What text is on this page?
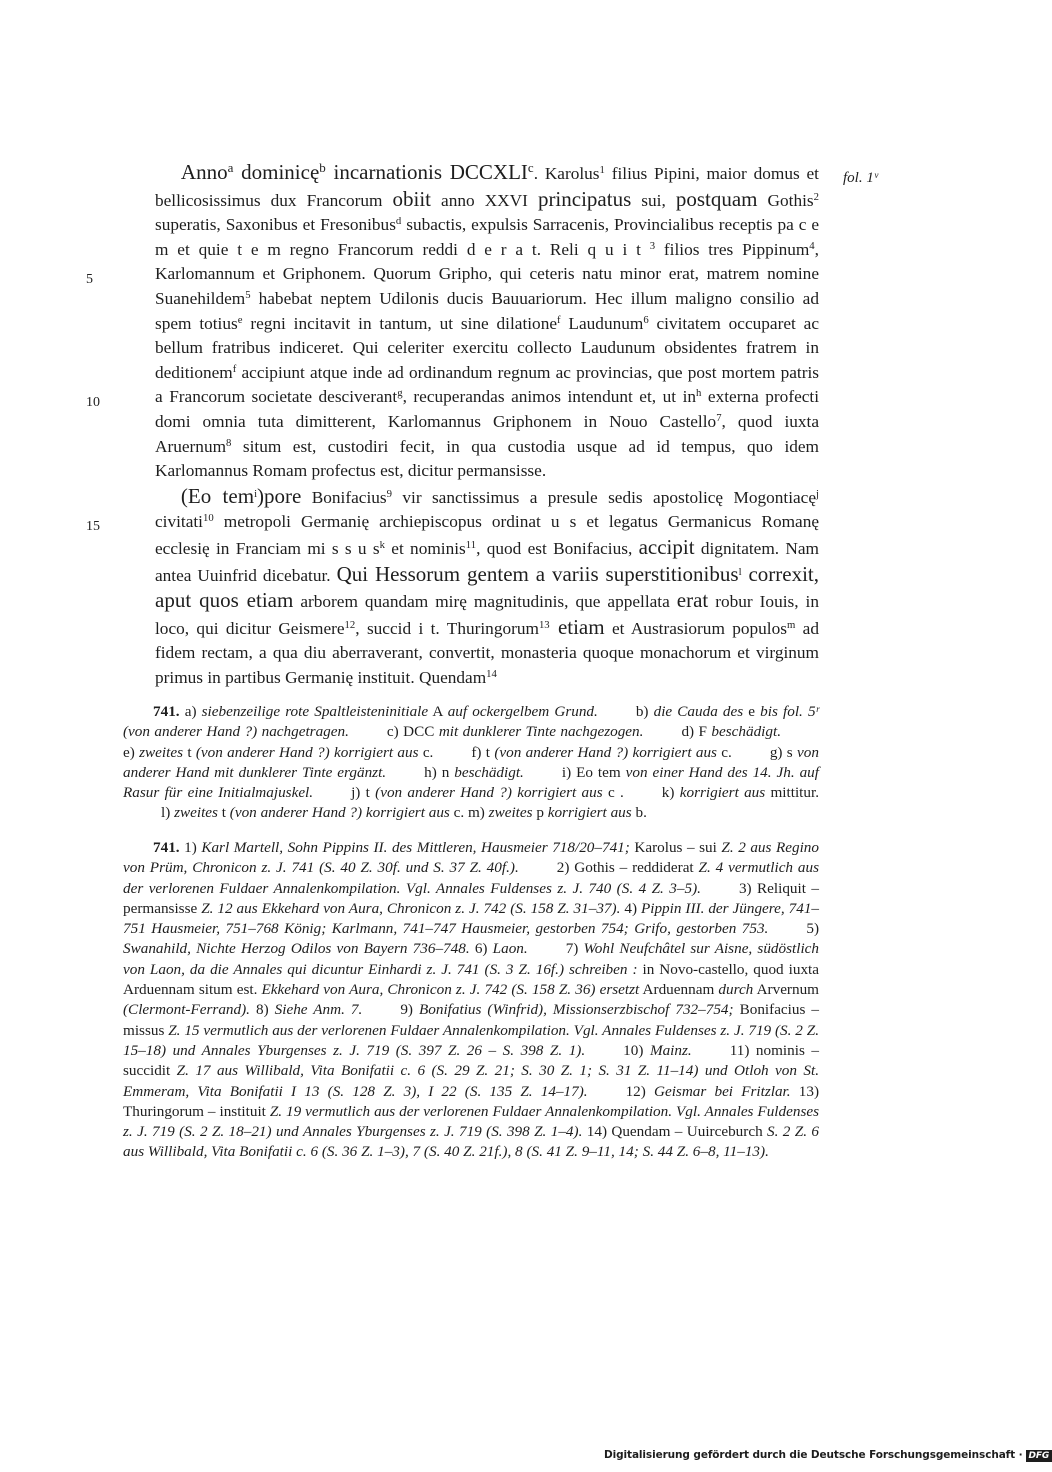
fol. 1ᵛ
5
10
15

  Anno$^a$ dominicę$^b$ incarnationis DCCXLI$^c$. Karolus$^1$ filius Pipini, maior domus et bellicosissimus dux Francorum obiit anno XXVI principatus sui, postquam Gothis$^2$ superatis, Saxonibus et Fresonibus$^d$ subactis, expulsis Sarracenis, Provincialibus receptis pa c e m et quie t e m regno Francorum reddi d e r a t. Reli q u i t $^3$ filios tres Pippinum$^4$, Karlomannum et Griphonem. Quorum Gripho, qui ceteris natu minor erat, matrem nomine Suanehildem$^5$ habebat neptem Udilonis ducis Bauuariorum. Hec illum maligno consilio ad spem totius$^e$ regni incitavit in tantum, ut sine dilatione$^f$ Laudunum$^6$ civitatem occuparet ac bellum fratribus indiceret. Qui celeriter exercitu collecto Laudunum obsidentes fratrem in deditionem$^f$ accipiunt atque inde ad ordinandum regnum ac provincias, que post mortem patris a Francorum societate desciverant$^g$, recuperandas animos intendunt et, ut $in^h$ externa profecti domi omnia tuta dimitterent, Karlomannus Griphonem in Nouo Castello$^7$, quod iuxta Aruernum$^8$ situm est, custodiri fecit, in qua custodia usque ad id tempus, quo idem Karlomannus Romam profectus est, dicitur permansisse.

  (Eo tem$^i$)pore Bonifacius$^9$ vir sanctissimus a presule sedis apostolicę Mogontiacę$^j$ civitati$^{10}$ metropoli Germanię archiepiscopus ordinat u s et legatus Germanicus Romanę ecclesię in Franciam mi s s u $s^k$ et nominis$^{11}$, quod est Bonifacius, accipit dignitatem. Nam antea Uuinfrid dicebatur. Qui Hessorum gentem a variis superstitionibus$^l$ correxit, aput quos etiam arborem quandam mirę magnitudinis, que appellata erat robur Iouis, in loco, qui dicitur Geismere$^{12}$, succid i t. Thuringorum$^{13}$ etiam et Austrasiorum populos$^m$ ad fidem rectam, a qua diu aberraverant, convertit, monasteria quoque monachorum et virginum primus in partibus Germanię instituit. Quendam$^{14}$

741. a) siebenzeilige rote Spaltleisteninitiale A auf ockergelbem Grund.	b) die Cauda des e bis fol. 5ʳ (von anderer Hand ?) nachgetragen.	c) DCC mit dunklerer Tinte nachgezogen.	d) F beschädigt.e) zweites t (von anderer Hand ?) korrigiert aus c.	f) t (von anderer Hand ?) korrigiert aus c.	g) s von anderer Hand mit dunklerer Tinte ergänzt.	h) n beschädigt.	i) Eo tem von einer Hand des 14. Jh. auf Rasur für eine Initialmajuskel.	j) t (von anderer Hand ?) korrigiert aus c .	k) korrigiert aus mittitur.l) zweites t (von anderer Hand ?) korrigiert aus c. m) zweites p korrigiert aus b.
741. 1) Karl Martell, Sohn Pippins II. des Mittleren, Hausmeier 718/20–741; Karolus – sui Z. 2 aus Regino von Prüm, Chronicon z. J. 741 (S. 40 Z. 30f. und S. 37 Z. 40f.).	2) Gothis – reddiderat Z. 4 vermutlich aus der verlorenen Fuldaer Annalenkompilation. Vgl. Annales Fuldenses z. J. 740 (S. 4 Z. 3–5).	3) Reliquit – permansisse Z. 12 aus Ekkehard von Aura, Chronicon z. J. 742 (S. 158 Z. 31–37). 4) Pippin III. der Jüngere, 741–751 Hausmeier, 751–768 König; Karlmann, 741–747 Hausmeier, gestorben 754; Grifo, gestorben 753.	5) Swanahild, Nichte Herzog Odilos von Bayern 736–748. 6) Laon.	7) Wohl Neufchâtel sur Aisne, südöstlich von Laon, da die Annales qui dicuntur Einhardi z. J. 741 (S. 3 Z. 16f.) schreiben : in Novo-castello, quod iuxta Arduennam situm est. Ekkehard von Aura, Chronicon z. J. 742 (S. 158 Z. 36) ersetzt Arduennam durch Arvernum (Clermont-Ferrand). 8) Siehe Anm. 7.	9) Bonifatius (Winfrid), Missionserzbischof 732–754; Bonifacius – missus Z. 15 vermutlich aus der verlorenen Fuldaer Annalenkompilation. Vgl. Annales Fuldenses z. J. 719 (S. 2 Z. 15–18) und Annales Yburgenses z. J. 719 (S. 397 Z. 26 – S. 398 Z. 1).	10) Mainz.	11) nominis – succidit Z. 17 aus Willibald, Vita Bonifatii c. 6 (S. 29 Z. 21; S. 30 Z. 1; S. 31 Z. 11–14) und Otloh von St. Emmeram, Vita Bonifatii I 13 (S. 128 Z. 3), I 22 (S. 135 Z. 14–17).	12) Geismar bei Fritzlar. 13) Thuringorum – instituit Z. 19 vermutlich aus der verlorenen Fuldaer Annalenkompilation. Vgl. Annales Fuldenses z. J. 719 (S. 2 Z. 18–21) und Annales Yburgenses z. J. 719 (S. 398 Z. 1–4). 14) Quendam – Uuirceburch S. 2 Z. 6 aus Willibald, Vita Bonifatii c. 6 (S. 36 Z. 1–3), 7 (S. 40 Z. 21f.), 8 (S. 41 Z. 9–11, 14; S. 44 Z. 6–8, 11–13).
Digitalisierung gefördert durch die Deutsche Forschungsgemeinschaft · DFG
